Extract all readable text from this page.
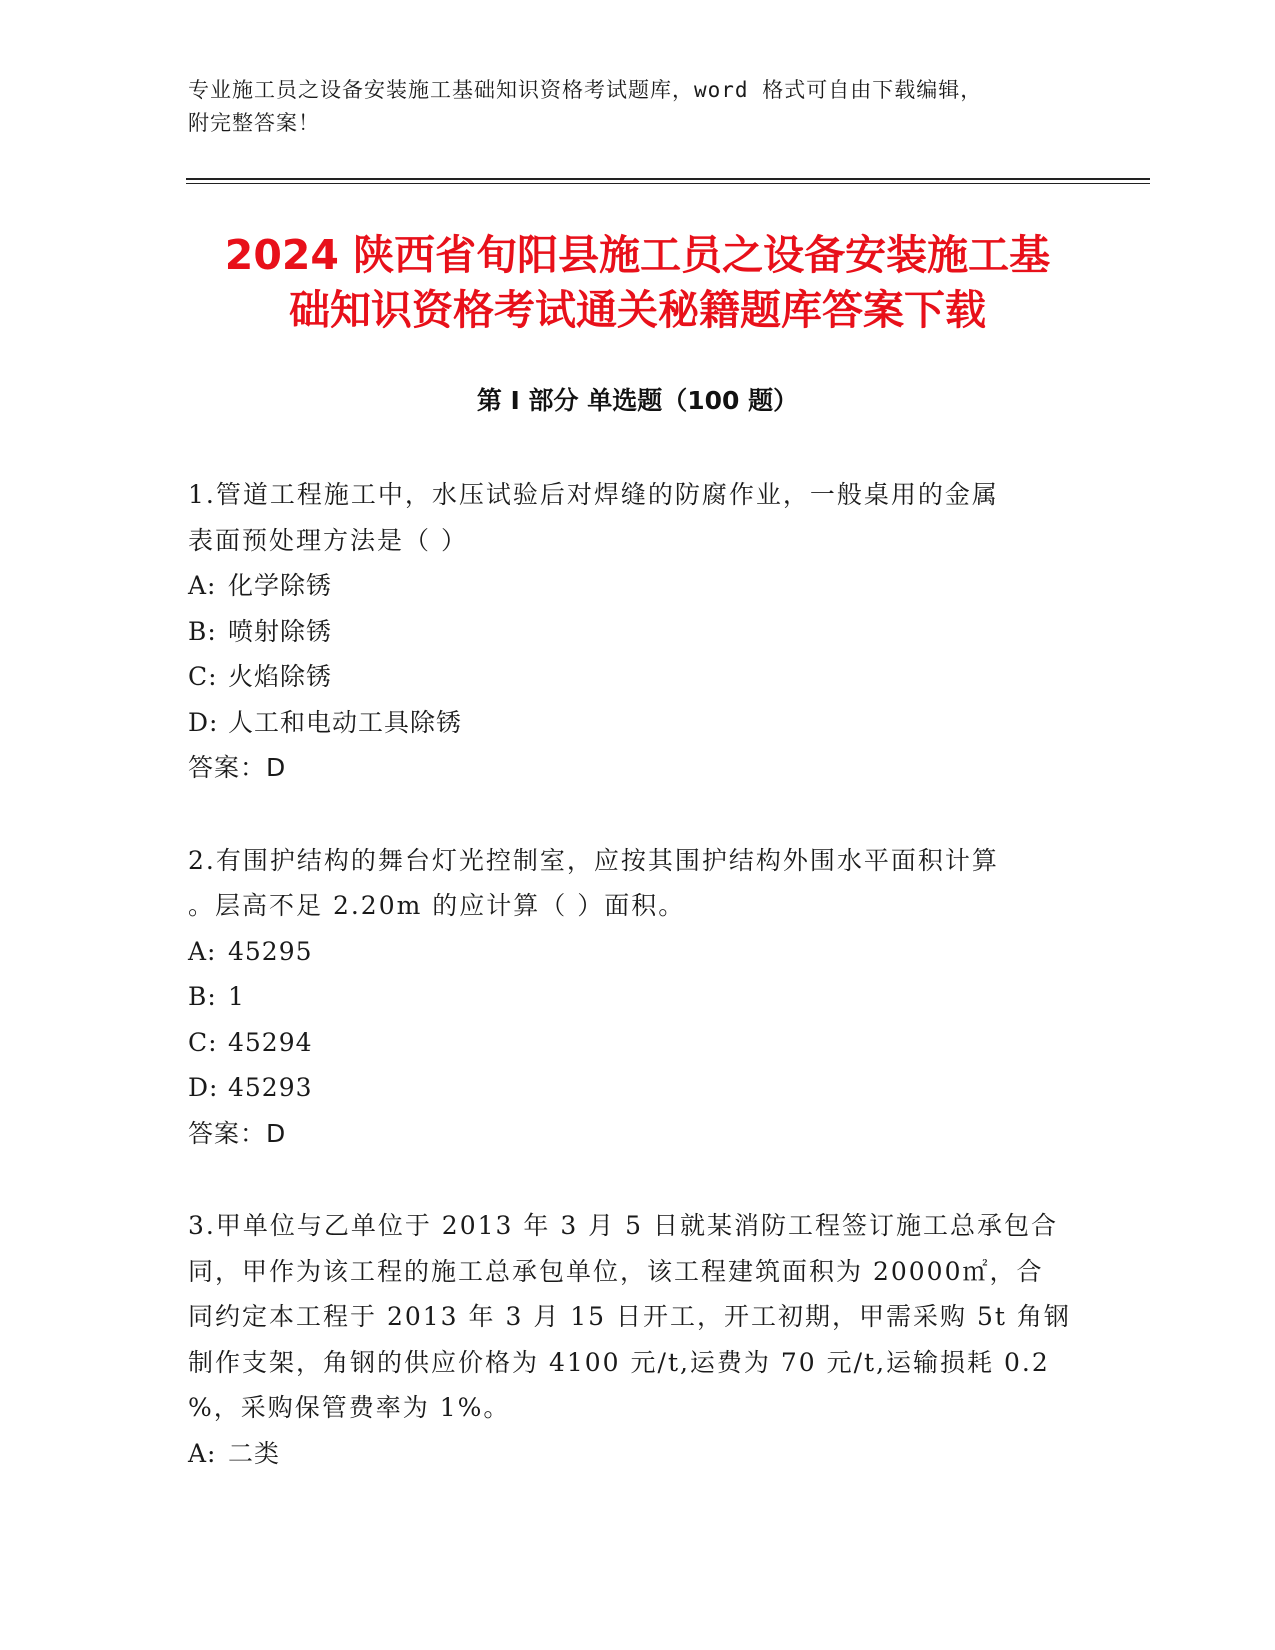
专业施工员之设备安装施工基础知识资格考试题库，word 格式可自由下载编辑，
附完整答案！
2024 陕西省旬阳县施工员之设备安装施工基
础知识资格考试通关秘籍题库答案下载
第 I 部分 单选题（100 题）

1.管道工程施工中，水压试验后对焊缝的防腐作业，一般桌用的金属

表面预处理方法是（ ）

A: 化学除锈

B: 喷射除锈

C: 火焰除锈

D: 人工和电动工具除锈

答案：D

2.有围护结构的舞台灯光控制室，应按其围护结构外围水平面积计算

。层高不足 2.20m 的应计算（ ）面积。

A: 45295

B: 1

C: 45294

D: 45293

答案：D

3.甲单位与乙单位于 2013 年 3 月 5 日就某消防工程签订施工总承包合

同，甲作为该工程的施工总承包单位，该工程建筑面积为 20000㎡，合

同约定本工程于 2013 年 3 月 15 日开工，开工初期，甲需采购 5t 角钢

制作支架，角钢的供应价格为 4100 元/t,运费为 70 元/t,运输损耗 0.2

%，采购保管费率为 1%。

A: 二类
